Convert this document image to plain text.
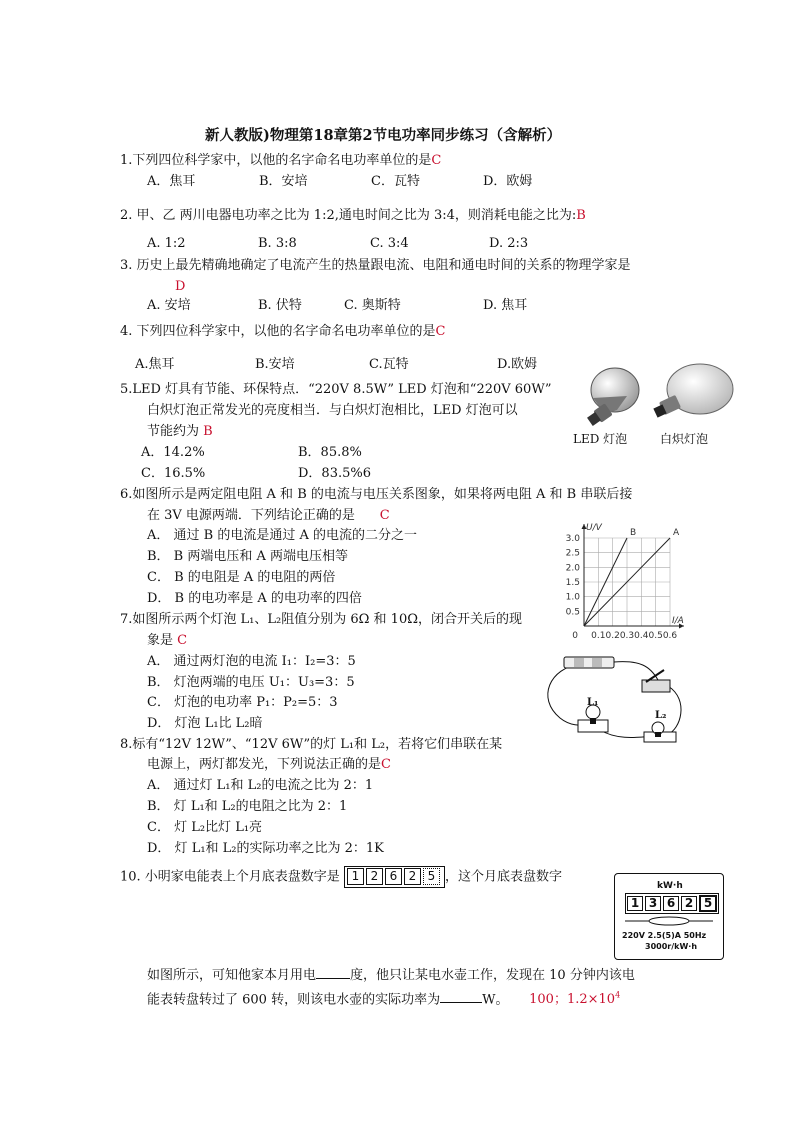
新人教版)物理第18章第2节电功率同步练习（含解析）
1.下列四位科学家中，以他的名字命名电功率单位的是C
A．焦耳	B．安培	C．瓦特	D．欧姆
2. 甲、乙 两川电器电功率之比为 1:2,通电时间之比为 3:4，则消耗电能之比为:B
A. 1:2	B. 3:8	C. 3:4	D. 2:3
3. 历史上最先精确地确定了电流产生的热量跟电流、电阻和通电时间的关系的物理学家是
D
A. 安培	B. 伏特	C. 奥斯特	D. 焦耳
4. 下列四位科学家中，以他的名字命名电功率单位的是C
A.焦耳	B.安培	C.瓦特	D.欧姆
5.LED 灯具有节能、环保特点．“220V 8.5W” LED 灯泡和“220V 60W”
白炽灯泡正常发光的亮度相当．与白炽灯泡相比，LED 灯泡可以
节能约为 B
A．14.2%	B．85.8%
C．16.5%	D．83.5%6
LED 灯泡	白炽灯泡
6.如图所示是两定阻电阻 A 和 B 的电流与电压关系图象，如果将两电阻 A 和 B 串联后接
在 3V 电源两端．下列结论正确的是 C
A． 通过 B 的电流是通过 A 的电流的二分之一
B． B 两端电压和 A 两端电压相等
C． B 的电阻是 A 的电阻的两倍
D． B 的电功率是 A 的电功率的四倍
0.1 0.2 0.3 0.4 0.5 0.6
0.5
1.0
1.5
2.0
2.5
3.0
0
U/V
I/A
B	A
7.如图所示两个灯泡 L₁、L₂阻值分别为 6Ω 和 10Ω，闭合开关后的现
象是 C
A． 通过两灯泡的电流 I₁：I₂=3：5
B． 灯泡两端的电压 U₁：U₃=3：5
C． 灯泡的电功率 P₁：P₂=5：3
D． 灯泡 L₁比 L₂暗
L₁
L₂
8.标有“12V 12W”、“12V 6W”的灯 L₁和 L₂，若将它们串联在某
电源上，两灯都发光，下列说法正确的是C
A． 通过灯 L₁和 L₂的电流之比为 2：1
B． 灯 L₁和 L₂的电阻之比为 2：1
C． 灯 L₂比灯 L₁亮
D． 灯 L₁和 L₂的实际功率之比为 2：1K
10. 小明家电能表上个月底表盘数字是 1 2 6 2 5 ，这个月底表盘数字
kW·h
1 3 6 2 5
220V 2.5(5)A 50Hz
3000r/kW·h
如图所示，可知他家本月用电	度，他只让某电水壶工作，发现在 10 分钟内该电
能表转盘转过了 600 转，则该电水壶的实际功率为	W。 100；$1.2\times 10^4$
